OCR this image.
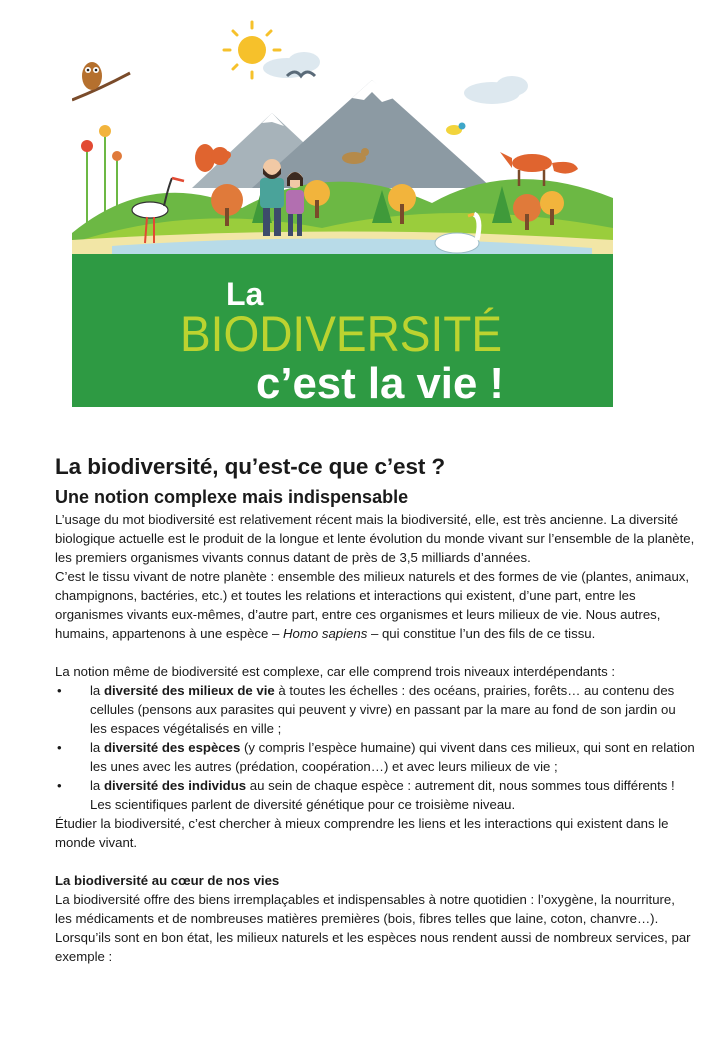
La
BIODIVERSITÉ
c’est la vie !
La biodiversité, qu’est-ce que c’est ?
Une notion complexe mais indispensable

L’usage du mot biodiversité est relativement récent mais la biodiversité, elle, est très ancienne. La diversité biologique actuelle est le produit de la longue et lente évolution du monde vivant sur l’ensemble de la planète, les premiers organismes vivants connus datant de près de 3,5 milliards d’années.

C’est le tissu vivant de notre planète : ensemble des milieux naturels et des formes de vie (plantes, animaux, champignons, bactéries, etc.) et toutes les relations et interactions qui existent, d’une part, entre les organismes vivants eux-mêmes, d’autre part, entre ces organismes et leurs milieux de vie. Nous autres, humains, appartenons à une espèce – Homo sapiens – qui constitue l’un des fils de ce tissu.

La notion même de biodiversité est complexe, car elle comprend trois niveaux interdépendants :

• la diversité des milieux de vie à toutes les échelles : des océans, prairies, forêts… au contenu des cellules (pensons aux parasites qui peuvent y vivre) en passant par la mare au fond de son jardin ou les espaces végétalisés en ville ;
• la diversité des espèces (y compris l’espèce humaine) qui vivent dans ces milieux, qui sont en relation les unes avec les autres (prédation, coopération…) et avec leurs milieux de vie ;
• la diversité des individus au sein de chaque espèce : autrement dit, nous sommes tous différents ! Les scientifiques parlent de diversité génétique pour ce troisième niveau.

Étudier la biodiversité, c’est chercher à mieux comprendre les liens et les interactions qui existent dans le monde vivant.

La biodiversité au cœur de nos vies

La biodiversité offre des biens irremplaçables et indispensables à notre quotidien : l’oxygène, la nourriture, les médicaments et de nombreuses matières premières (bois, fibres telles que laine, coton, chanvre…).

Lorsqu’ils sont en bon état, les milieux naturels et les espèces nous rendent aussi de nombreux services, par exemple :
